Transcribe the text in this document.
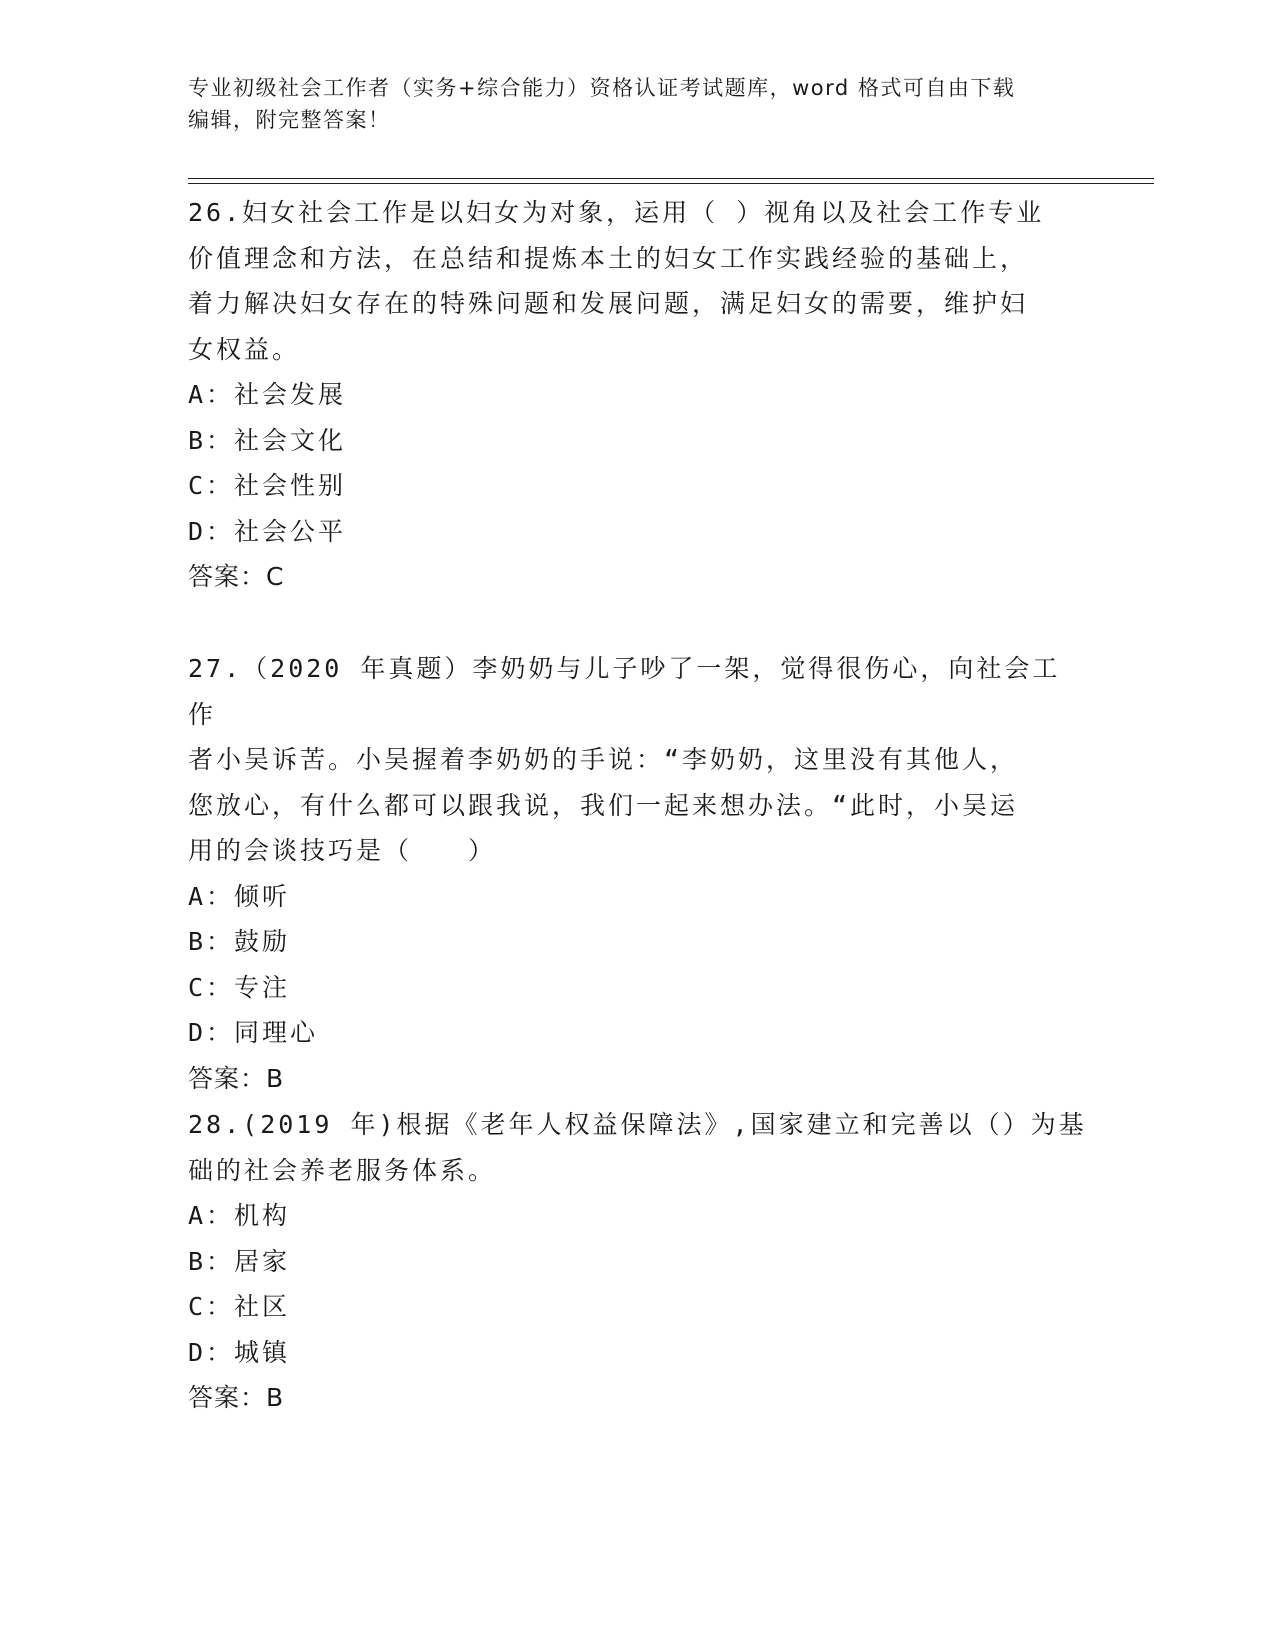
专业初级社会工作者（实务+综合能力）资格认证考试题库，word 格式可自由下载
编辑，附完整答案！
26.妇女社会工作是以妇女为对象，运用（ ）视角以及社会工作专业
价值理念和方法，在总结和提炼本土的妇女工作实践经验的基础上，
着力解决妇女存在的特殊问题和发展问题，满足妇女的需要，维护妇
女权益。
A：社会发展
B：社会文化
C：社会性别
D：社会公平
答案：C
27.（2020 年真题）李奶奶与儿子吵了一架，觉得很伤心，向社会工作
者小吴诉苦。小吴握着李奶奶的手说：“李奶奶，这里没有其他人，
您放心，有什么都可以跟我说，我们一起来想办法。“此时，小吴运
用的会谈技巧是（　　）
A：倾听
B：鼓励
C：专注
D：同理心
答案：B
28.(2019 年)根据《老年人权益保障法》,国家建立和完善以（）为基
础的社会养老服务体系。
A：机构
B：居家
C：社区
D：城镇
答案：B
